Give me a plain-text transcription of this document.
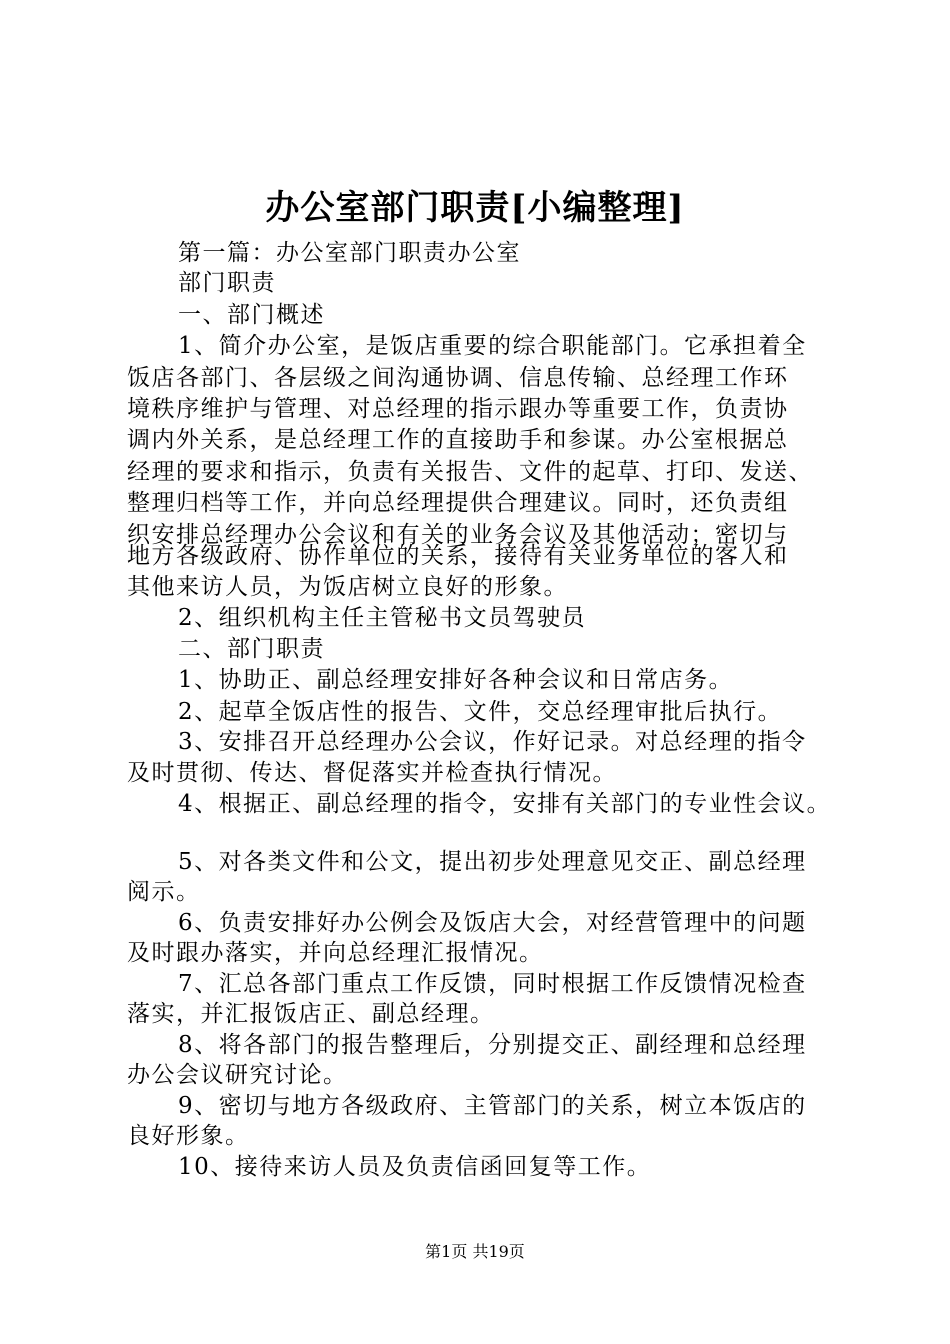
办公室部门职责[小编整理]
第一篇：办公室部门职责办公室
部门职责
一、部门概述
1、简介办公室，是饭店重要的综合职能部门。它承担着全
饭店各部门、各层级之间沟通协调、信息传输、总经理工作环
境秩序维护与管理、对总经理的指示跟办等重要工作，负责协
调内外关系，是总经理工作的直接助手和参谋。办公室根据总
经理的要求和指示，负责有关报告、文件的起草、打印、发送、
整理归档等工作，并向总经理提供合理建议。同时，还负责组
织安排总经理办公会议和有关的业务会议及其他活动；密切与
地方各级政府、协作单位的关系，接待有关业务单位的客人和
其他来访人员，为饭店树立良好的形象。
2、组织机构主任主管秘书文员驾驶员
二、部门职责
1、协助正、副总经理安排好各种会议和日常店务。
2、起草全饭店性的报告、文件，交总经理审批后执行。
3、安排召开总经理办公会议，作好记录。对总经理的指令
及时贯彻、传达、督促落实并检查执行情况。
4、根据正、副总经理的指令，安排有关部门的专业性会议。
5、对各类文件和公文，提出初步处理意见交正、副总经理
阅示。
6、负责安排好办公例会及饭店大会，对经营管理中的问题
及时跟办落实，并向总经理汇报情况。
7、汇总各部门重点工作反馈，同时根据工作反馈情况检查
落实，并汇报饭店正、副总经理。
8、将各部门的报告整理后，分别提交正、副经理和总经理
办公会议研究讨论。
9、密切与地方各级政府、主管部门的关系，树立本饭店的
良好形象。
10、接待来访人员及负责信函回复等工作。
第1页 共19页
